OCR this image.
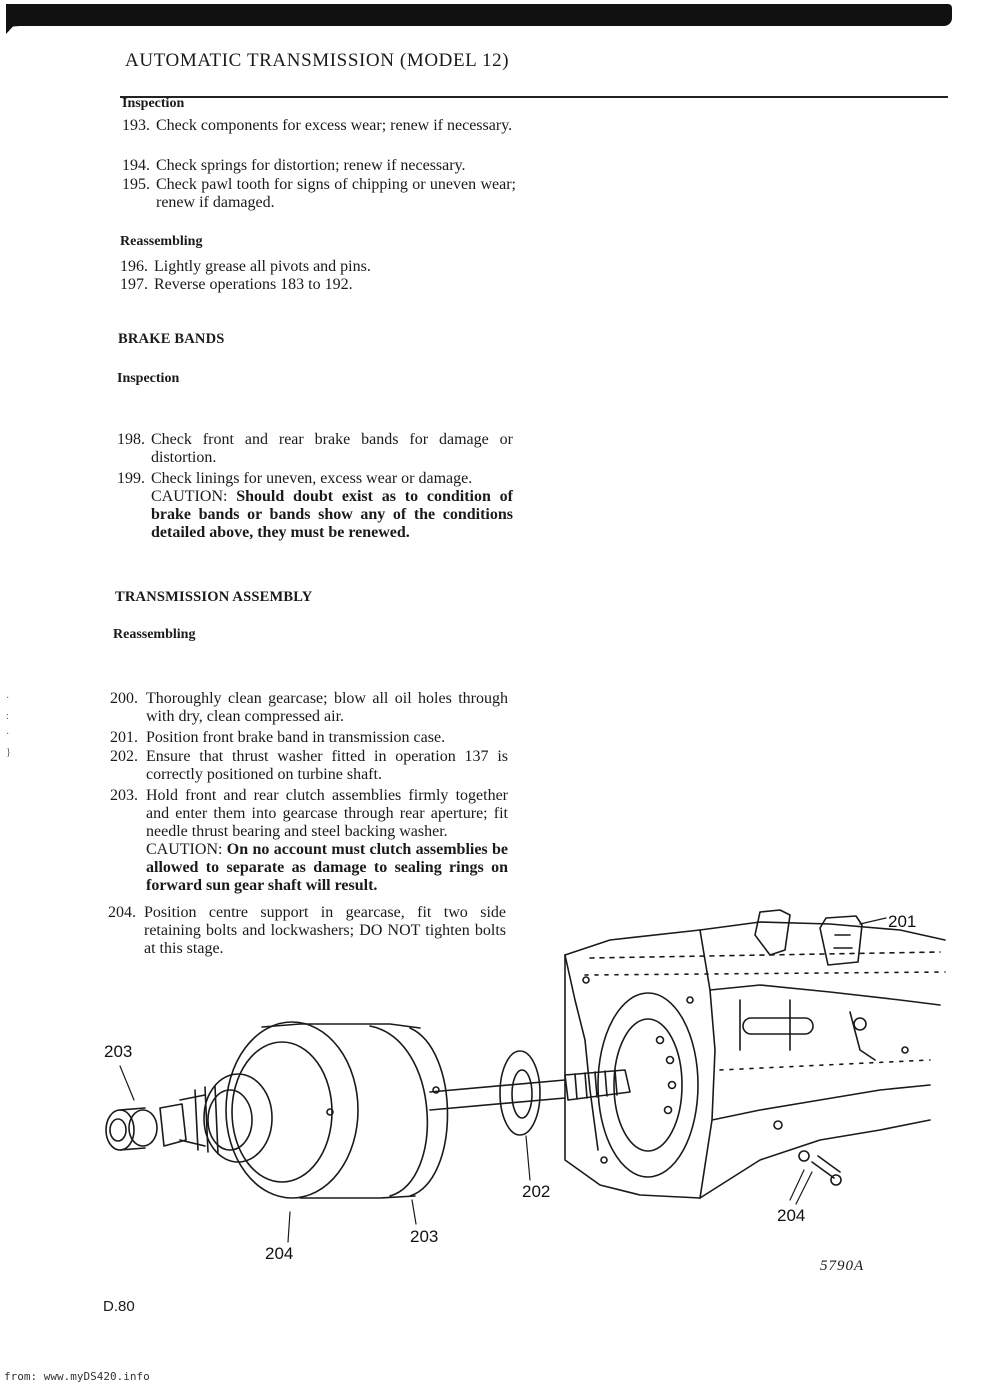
AUTOMATIC TRANSMISSION (MODEL 12)
·
:
·
}
Inspection
193. Check components for excess wear; renew if necessary.
194. Check springs for distortion; renew if necessary.
195. Check pawl tooth for signs of chipping or uneven wear; renew if damaged.
Reassembling
196. Lightly grease all pivots and pins.
197. Reverse operations 183 to 192.
BRAKE BANDS
Inspection
198. Check front and rear brake bands for damage or distortion.
199. Check linings for uneven, excess wear or damage.
CAUTION: Should doubt exist as to condition of brake bands or bands show any of the conditions detailed above, they must be renewed.
TRANSMISSION ASSEMBLY
Reassembling
200. Thoroughly clean gearcase; blow all oil holes through with dry, clean compressed air.
201. Position front brake band in transmission case.
202. Ensure that thrust washer fitted in operation 137 is correctly positioned on turbine shaft.
203. Hold front and rear clutch assemblies firmly together and enter them into gearcase through rear aperture; fit needle thrust bearing and steel backing washer.
CAUTION: On no account must clutch assemblies be allowed to separate as damage to sealing rings on forward sun gear shaft will result.
204. Position centre support in gearcase, fit two side retaining bolts and lockwashers; DO NOT tighten bolts at this stage.
201
203
202
204
203
204
5790A
D.80
from: www.myDS420.info
